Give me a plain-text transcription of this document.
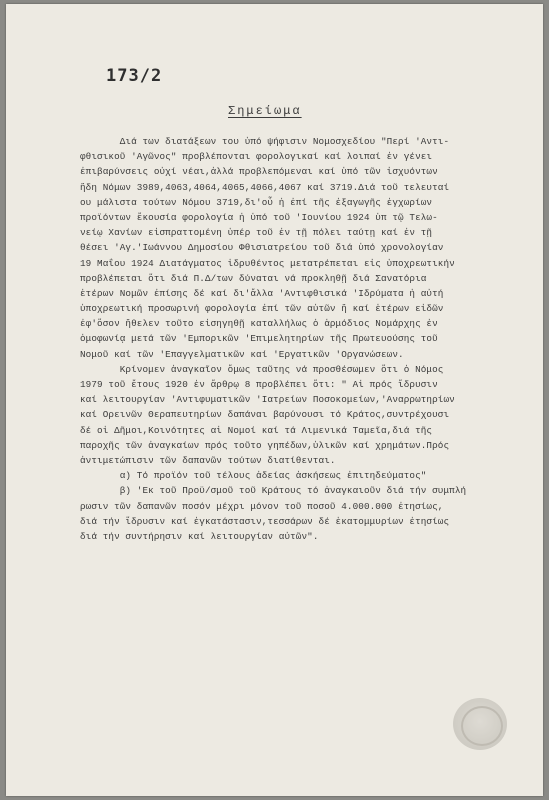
173/2
Σημείωμα
Διά των διατάξεων του ὑπό ψήφισιν Νομοσχεδίου "Περί 'Αντι-
φθισικοῦ 'Αγῶνος" προβλέπονται φορολογικαί καί λοιπαί ἐν γένει
ἐπιβαρύνσεις οὐχί νέαι,ἀλλά προβλεπόμεναι καί ὑπό τῶν ἰσχυόντων
ἤδη Νόμων 3989,4063,4064,4065,4066,4067 καί 3719.Διά τοῦ τελευταί
ου μάλιστα τούτων Νόμου 3719,δι'οὗ ἡ ἐπί τῆς ἐξαγωγῆς ἐγχωρίων
προϊόντων ἔκουσία φορολογία ἡ ὑπό τοῦ 'Ιουνίου 1924 ὑπ τῷ Τελω-
νείῳ Χανίων εἰσπραττομένη ὑπέρ τοῦ ἐν τῇ πόλει ταύτῃ καί ἐν τῇ
θέσει 'Αγ.'Ιωάννου Δημοσίου Φθισιατρείου τοῦ διά ὑπό χρονολογίαν
19 Μαΐου 1924 Διατάγματος ἱδρυθέντος μετατρέπεται εἰς ὑποχρεωτικήν
προβλέπεται ὅτι διά Π.Δ/των δύναται νά προκληθῇ διά Σανατόρια
ἑτέρων Νομῶν ἐπίσης δέ καί δι'ἄλλα 'Αντιφθισικά 'Ιδρύματα ἡ αὐτή
ὑποχρεωτική προσωρινή φορολογία ἐπί τῶν αὐτῶν ἤ καί ἑτέρων εἰδῶν
ἐφ'ὅσον ἤθελεν τοῦτο εἰσηγηθῇ καταλλήλως ὁ ἁρμόδιος Νομάρχης ἐν
ὁμοφωνίᾳ μετά τῶν 'Εμπορικῶν 'Επιμελητηρίων τῆς Πρωτευούσης τοῦ
Νομοῦ καί τῶν 'Επαγγελματικῶν καί 'Εργατικῶν 'Οργανώσεων.
Κρίνομεν ἀναγκαῖον ὅμως ταῦτης νά προσθέσωμεν ὅτι ὁ Νόμος
1979 τοῦ ἔτους 1920 ἐν ἄρθρῳ 8 προβλέπει ὅτι: " Αἱ πρός ἵδρυσιν
καί λειτουργίαν 'Αντιφυματικῶν 'Ιατρείων Ποσοκομείων,'Αναρρωτηρίων
καί Ορεινῶν Θεραπευτηρίων δαπάναι βαρύνουσι τό Κράτος,συντρέχουσι
δέ οἱ Δῆμοι,Κοινότητες αἱ Νομοί καί τά Λιμενικά Ταμεῖα,διά τῆς
παροχῆς τῶν ἀναγκαίων πρός τοῦτο γηπέδων,ὑλικῶν καί χρημάτων.Πρός
ἀντιμετώπισιν τῶν δαπανῶν τούτων διατίθενται.
α) Τό προϊόν τοῦ τέλους ἀδείας ἀσκήσεως ἐπιτηδεύματος"
β) 'Εκ τοῦ Προϋ/σμοῦ τοῦ Κράτους τό ἀναγκαιοῦν διά τήν συμπλή
ρωσιν τῶν δαπανῶν ποσόν μέχρι μόνον τοῦ ποσοῦ 4.000.000 ἐτησίως,
διά τήν ἵδρυσιν καί ἐγκατάστασιν,τεσσάρων δέ ἑκατομμυρίων ἐτησίως
διά τήν συντήρησιν καί λειτουργίαν αὐτῶν".
